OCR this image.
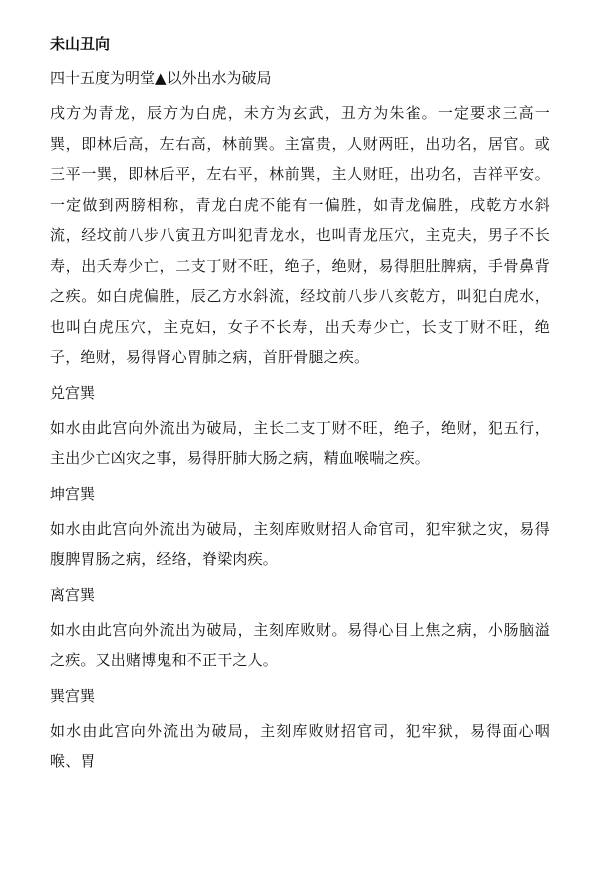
未山丑向
四十五度为明堂▲以外出水为破局
戌方为青龙，辰方为白虎，未方为玄武，丑方为朱雀。一定要求三高一巽，即林后高，左右高，林前巽。主富贵，人财两旺，出功名，居官。或三平一巽，即林后平，左右平，林前巽，主人财旺，出功名，吉祥平安。一定做到两膀相称，青龙白虎不能有一偏胜，如青龙偏胜，戌乾方水斜流，经坟前八步八寅丑方叫犯青龙水，也叫青龙压穴，主克夫，男子不长寿，出夭寿少亡，二支丁财不旺，绝子，绝财，易得胆肚脾病，手骨鼻背之疾。如白虎偏胜，辰乙方水斜流，经坟前八步八亥乾方，叫犯白虎水，也叫白虎压穴，主克妇，女子不长寿，出夭寿少亡，长支丁财不旺，绝子，绝财，易得肾心胃肺之病，首肝骨腿之疾。
兑宫巽
如水由此宫向外流出为破局，主长二支丁财不旺，绝子，绝财，犯五行，主出少亡凶灾之事，易得肝肺大肠之病，精血喉喘之疾。
坤宫巽
如水由此宫向外流出为破局，主刻库败财招人命官司，犯牢狱之灾，易得腹脾胃肠之病，经络，脊梁肉疾。
离宫巽
如水由此宫向外流出为破局，主刻库败财。易得心目上焦之病，小肠脑溢之疾。又出赌博鬼和不正干之人。
巽宫巽
如水由此宫向外流出为破局，主刻库败财招官司，犯牢狱，易得面心咽喉、胃
